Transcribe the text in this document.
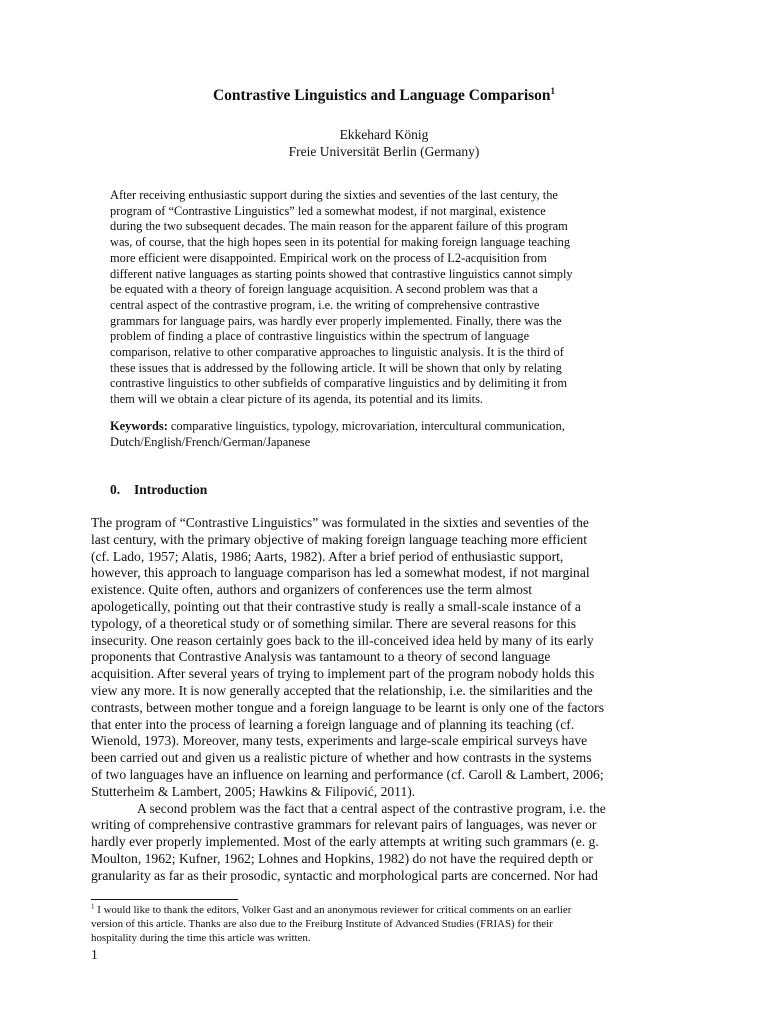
Contrastive Linguistics and Language Comparison$^1$
Ekkehard König
Freie Universität Berlin (Germany)
After receiving enthusiastic support during the sixties and seventies of the last century, the
program of “Contrastive Linguistics” led a somewhat modest, if not marginal, existence
during the two subsequent decades. The main reason for the apparent failure of this program
was, of course, that the high hopes seen in its potential for making foreign language teaching
more efficient were disappointed. Empirical work on the process of L2-acquisition from
different native languages as starting points showed that contrastive linguistics cannot simply
be equated with a theory of foreign language acquisition. A second problem was that a
central aspect of the contrastive program, i.e. the writing of comprehensive contrastive
grammars for language pairs, was hardly ever properly implemented. Finally, there was the
problem of finding a place of contrastive linguistics within the spectrum of language
comparison, relative to other comparative approaches to linguistic analysis. It is the third of
these issues that is addressed by the following article. It will be shown that only by relating
contrastive linguistics to other subfields of comparative linguistics and by delimiting it from
them will we obtain a clear picture of its agenda, its potential and its limits.
Keywords: comparative linguistics, typology, microvariation, intercultural communication,
Dutch/English/French/German/Japanese
0. Introduction
The program of “Contrastive Linguistics” was formulated in the sixties and seventies of the
last century, with the primary objective of making foreign language teaching more efficient
(cf. Lado, 1957; Alatis, 1986; Aarts, 1982). After a brief period of enthusiastic support,
however, this approach to language comparison has led a somewhat modest, if not marginal
existence. Quite often, authors and organizers of conferences use the term almost
apologetically, pointing out that their contrastive study is really a small-scale instance of a
typology, of a theoretical study or of something similar. There are several reasons for this
insecurity. One reason certainly goes back to the ill-conceived idea held by many of its early
proponents that Contrastive Analysis was tantamount to a theory of second language
acquisition. After several years of trying to implement part of the program nobody holds this
view any more. It is now generally accepted that the relationship, i.e. the similarities and the
contrasts, between mother tongue and a foreign language to be learnt is only one of the factors
that enter into the process of learning a foreign language and of planning its teaching (cf.
Wienold, 1973). Moreover, many tests, experiments and large-scale empirical surveys have
been carried out and given us a realistic picture of whether and how contrasts in the systems
of two languages have an influence on learning and performance (cf. Caroll & Lambert, 2006;
Stutterheim & Lambert, 2005; Hawkins & Filipović, 2011).
A second problem was the fact that a central aspect of the contrastive program, i.e. the
writing of comprehensive contrastive grammars for relevant pairs of languages, was never or
hardly ever properly implemented. Most of the early attempts at writing such grammars (e. g.
Moulton, 1962; Kufner, 1962; Lohnes and Hopkins, 1982) do not have the required depth or
granularity as far as their prosodic, syntactic and morphological parts are concerned. Nor had
$^1$ I would like to thank the editors, Volker Gast and an anonymous reviewer for critical comments on an earlier
version of this article. Thanks are also due to the Freiburg Institute of Advanced Studies (FRIAS) for their
hospitality during the time this article was written.
1
